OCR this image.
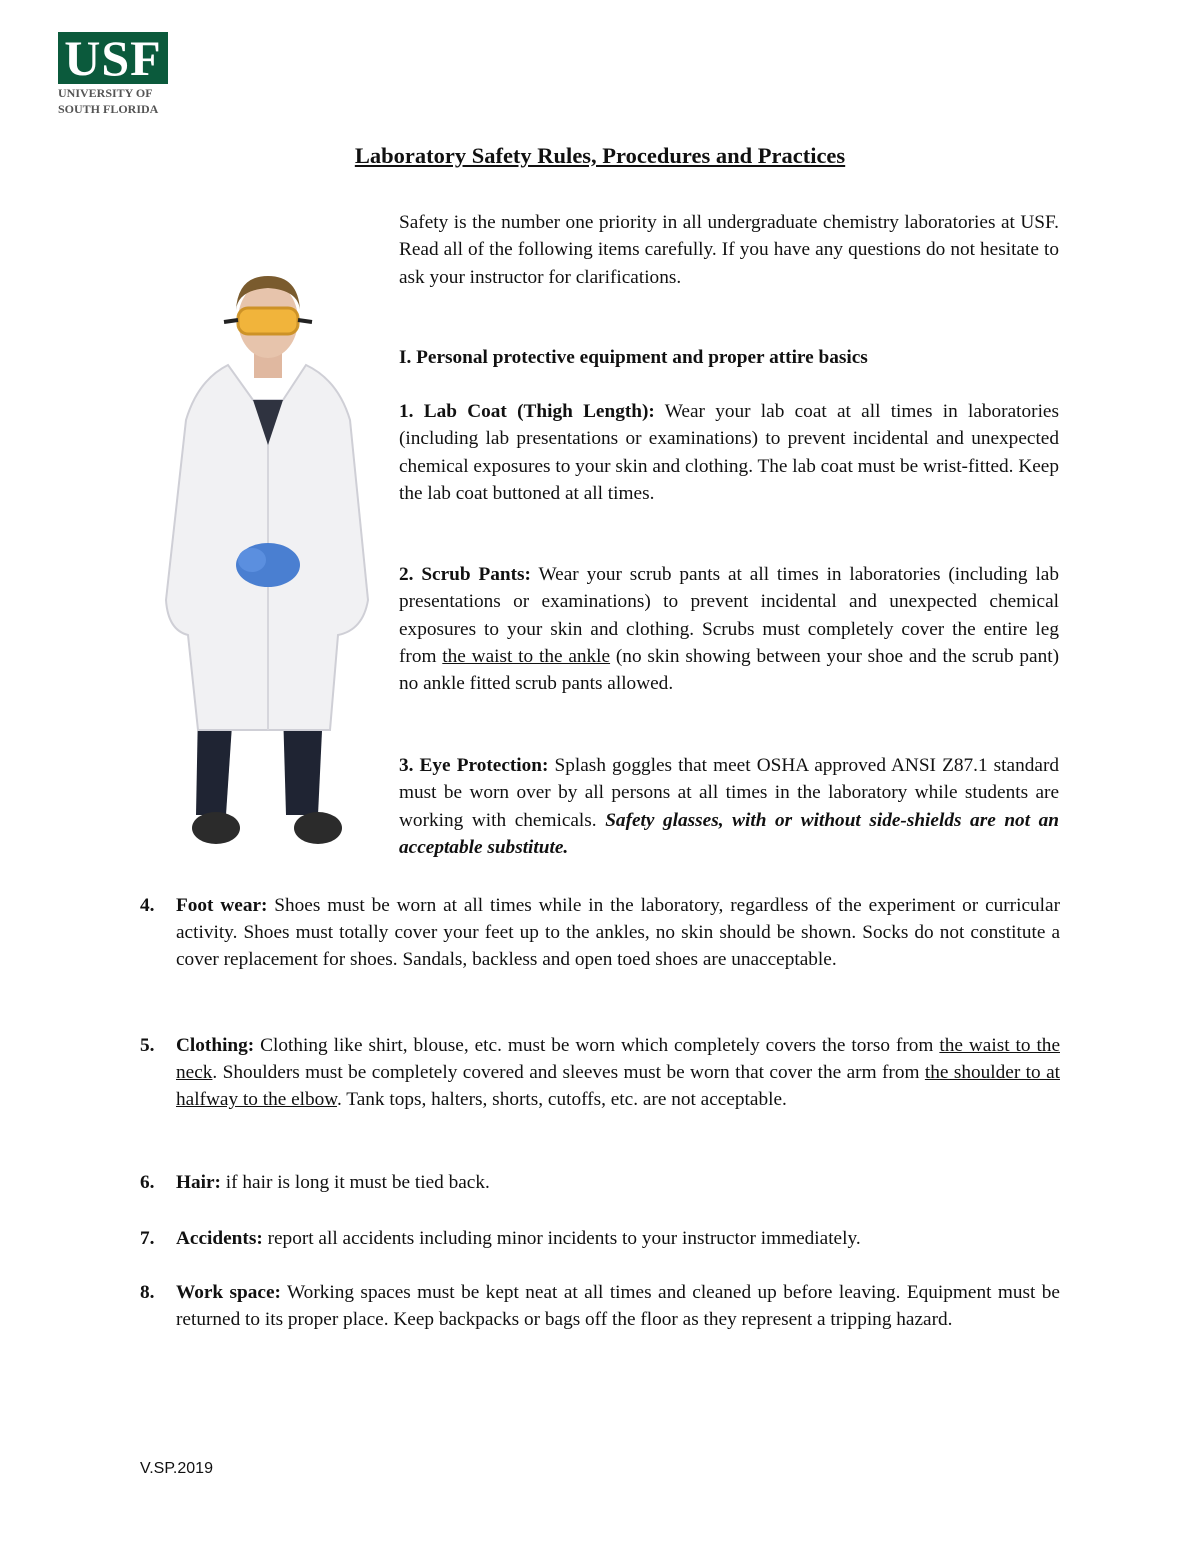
USF
UNIVERSITY OF
SOUTH FLORIDA
Laboratory Safety Rules, Procedures and Practices

Safety is the number one priority in all undergraduate chemistry laboratories at USF. Read all of the following items carefully. If you have any questions do not hesitate to ask your instructor for clarifications.

I. Personal protective equipment and proper attire basics

1. Lab Coat (Thigh Length): Wear your lab coat at all times in laboratories (including lab presentations or examinations) to prevent incidental and unexpected chemical exposures to your skin and clothing. The lab coat must be wrist-fitted. Keep the lab coat buttoned at all times.

2. Scrub Pants: Wear your scrub pants at all times in laboratories (including lab presentations or examinations) to prevent incidental and unexpected chemical exposures to your skin and clothing. Scrubs must completely cover the entire leg from the waist to the ankle (no skin showing between your shoe and the scrub pant) no ankle fitted scrub pants allowed.

3. Eye Protection: Splash goggles that meet OSHA approved ANSI Z87.1 standard must be worn over by all persons at all times in the laboratory while students are working with chemicals. Safety glasses, with or without side-shields are not an acceptable substitute.

4. Foot wear: Shoes must be worn at all times while in the laboratory, regardless of the experiment or curricular activity. Shoes must totally cover your feet up to the ankles, no skin should be shown. Socks do not constitute a cover replacement for shoes. Sandals, backless and open toed shoes are unacceptable.
5. Clothing: Clothing like shirt, blouse, etc. must be worn which completely covers the torso from the waist to the neck. Shoulders must be completely covered and sleeves must be worn that cover the arm from the shoulder to at halfway to the elbow. Tank tops, halters, shorts, cutoffs, etc. are not acceptable.
6. Hair: if hair is long it must be tied back.
7. Accidents: report all accidents including minor incidents to your instructor immediately.
8. Work space: Working spaces must be kept neat at all times and cleaned up before leaving. Equipment must be returned to its proper place. Keep backpacks or bags off the floor as they represent a tripping hazard.
V.SP.2019
